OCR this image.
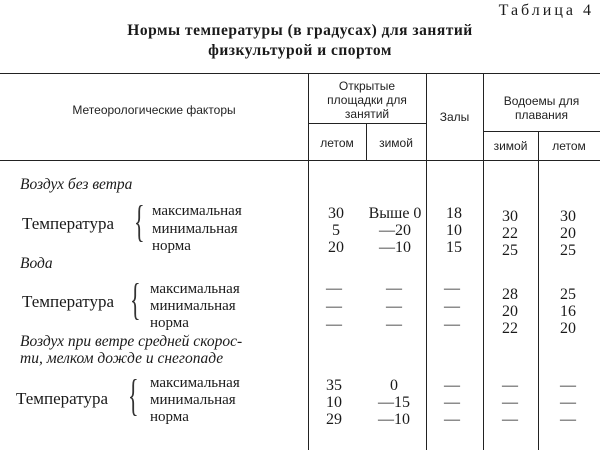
Таблица 4
Нормы температуры (в градусах) для занятий
физкультурой и спортом
Метеорологические факторы
Открытые
площадки для
занятий
летом	зимой
Залы
Водоемы для
плавания
зимой	летом
Воздух без ветра
Температура { максимальная
минимальная
норма
30
5
20
Выше 0
—20
—10
18
10
15
30
22
25
30
20
25
Вода
Температура { максимальная
минимальная
норма
—
—
—
—
—
—
—
—
—
28
20
22
25
16
20
Воздух при ветре средней скорос-
ти, мелком дожде и снегопаде
Температура { максимальная
минимальная
норма
35
10
29
0
—15
—10
—
—
—
—
—
—
—
—
—
